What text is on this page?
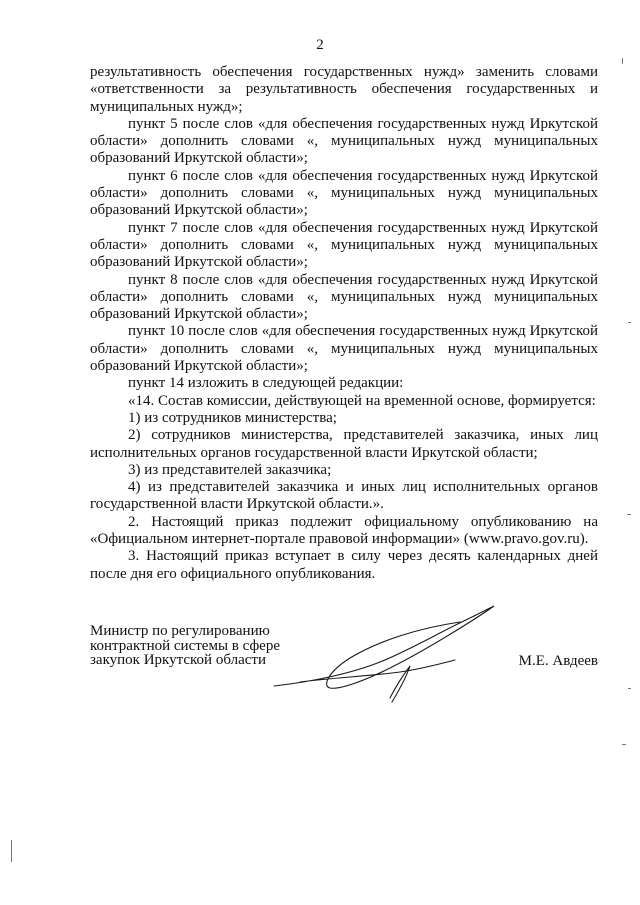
2

результативность обеспечения государственных нужд» заменить словами «ответственности за результативность обеспечения государственных и муниципальных нужд»;

пункт 5 после слов «для обеспечения государственных нужд Иркутской области» дополнить словами «, муниципальных нужд муниципальных образований Иркутской области»;

пункт 6 после слов «для обеспечения государственных нужд Иркутской области» дополнить словами «, муниципальных нужд муниципальных образований Иркутской области»;

пункт 7 после слов «для обеспечения государственных нужд Иркутской области» дополнить словами «, муниципальных нужд муниципальных образований Иркутской области»;

пункт 8 после слов «для обеспечения государственных нужд Иркутской области» дополнить словами «, муниципальных нужд муниципальных образований Иркутской области»;

пункт 10 после слов «для обеспечения государственных нужд Иркутской области» дополнить словами «, муниципальных нужд муниципальных образований Иркутской области»;

пункт 14 изложить в следующей редакции:

«14. Состав комиссии, действующей на временной основе, формируется:

1) из сотрудников министерства;

2) сотрудников министерства, представителей заказчика, иных лиц исполнительных органов государственной власти Иркутской области;

3) из представителей заказчика;

4) из представителей заказчика и иных лиц исполнительных органов государственной власти Иркутской области.».

2. Настоящий приказ подлежит официальному опубликованию на «Официальном интернет-портале правовой информации» (www.pravo.gov.ru).

3. Настоящий приказ вступает в силу через десять календарных дней после дня его официального опубликования.

Министр по регулированию
контрактной системы в сфере
закупок Иркутской области	М.Е. Авдеев
